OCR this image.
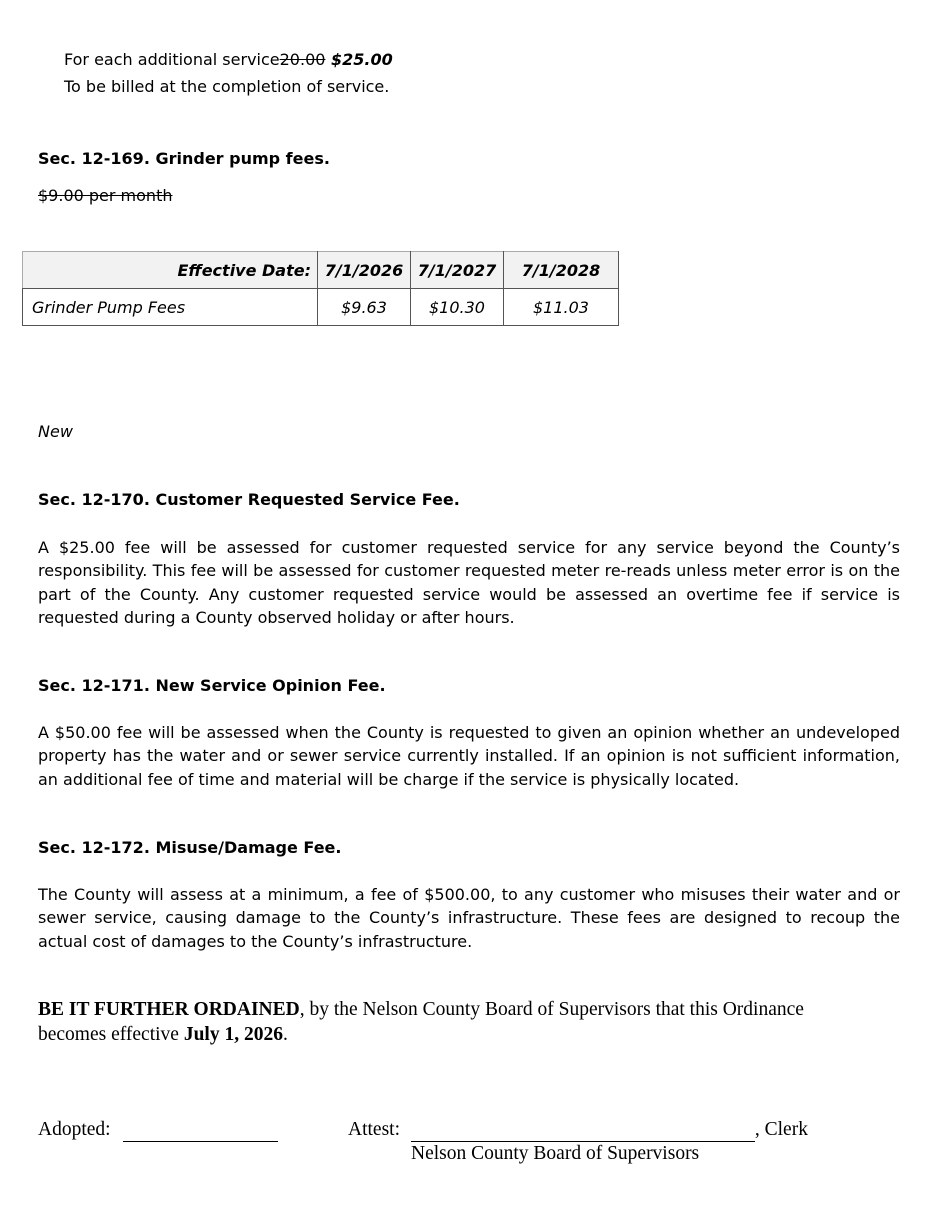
For each additional service20.00 $25.00
To be billed at the completion of service.
Sec. 12-169. Grinder pump fees.
$9.00 per month
Effective Date:	7/1/2026	7/1/2027	7/1/2028
Grinder Pump Fees	$9.63	$10.30	$11.03
New
Sec. 12-170. Customer Requested Service Fee.
A $25.00 fee will be assessed for customer requested service for any service beyond the County’s responsibility. This fee will be assessed for customer requested meter re-reads unless meter error is on the part of the County. Any customer requested service would be assessed an overtime fee if service is requested during a County observed holiday or after hours.
Sec. 12-171. New Service Opinion Fee.
A $50.00 fee will be assessed when the County is requested to given an opinion whether an undeveloped property has the water and or sewer service currently installed. If an opinion is not sufficient information, an additional fee of time and material will be charge if the service is physically located.
Sec. 12-172. Misuse/Damage Fee.
The County will assess at a minimum, a fee of $500.00, to any customer who misuses their water and or sewer service, causing damage to the County’s infrastructure. These fees are designed to recoup the actual cost of damages to the County’s infrastructure.
BE IT FURTHER ORDAINED, by the Nelson County Board of Supervisors that this Ordinance
becomes effective July 1, 2026.
Adopted:	Attest:	, Clerk
Nelson County Board of Supervisors
